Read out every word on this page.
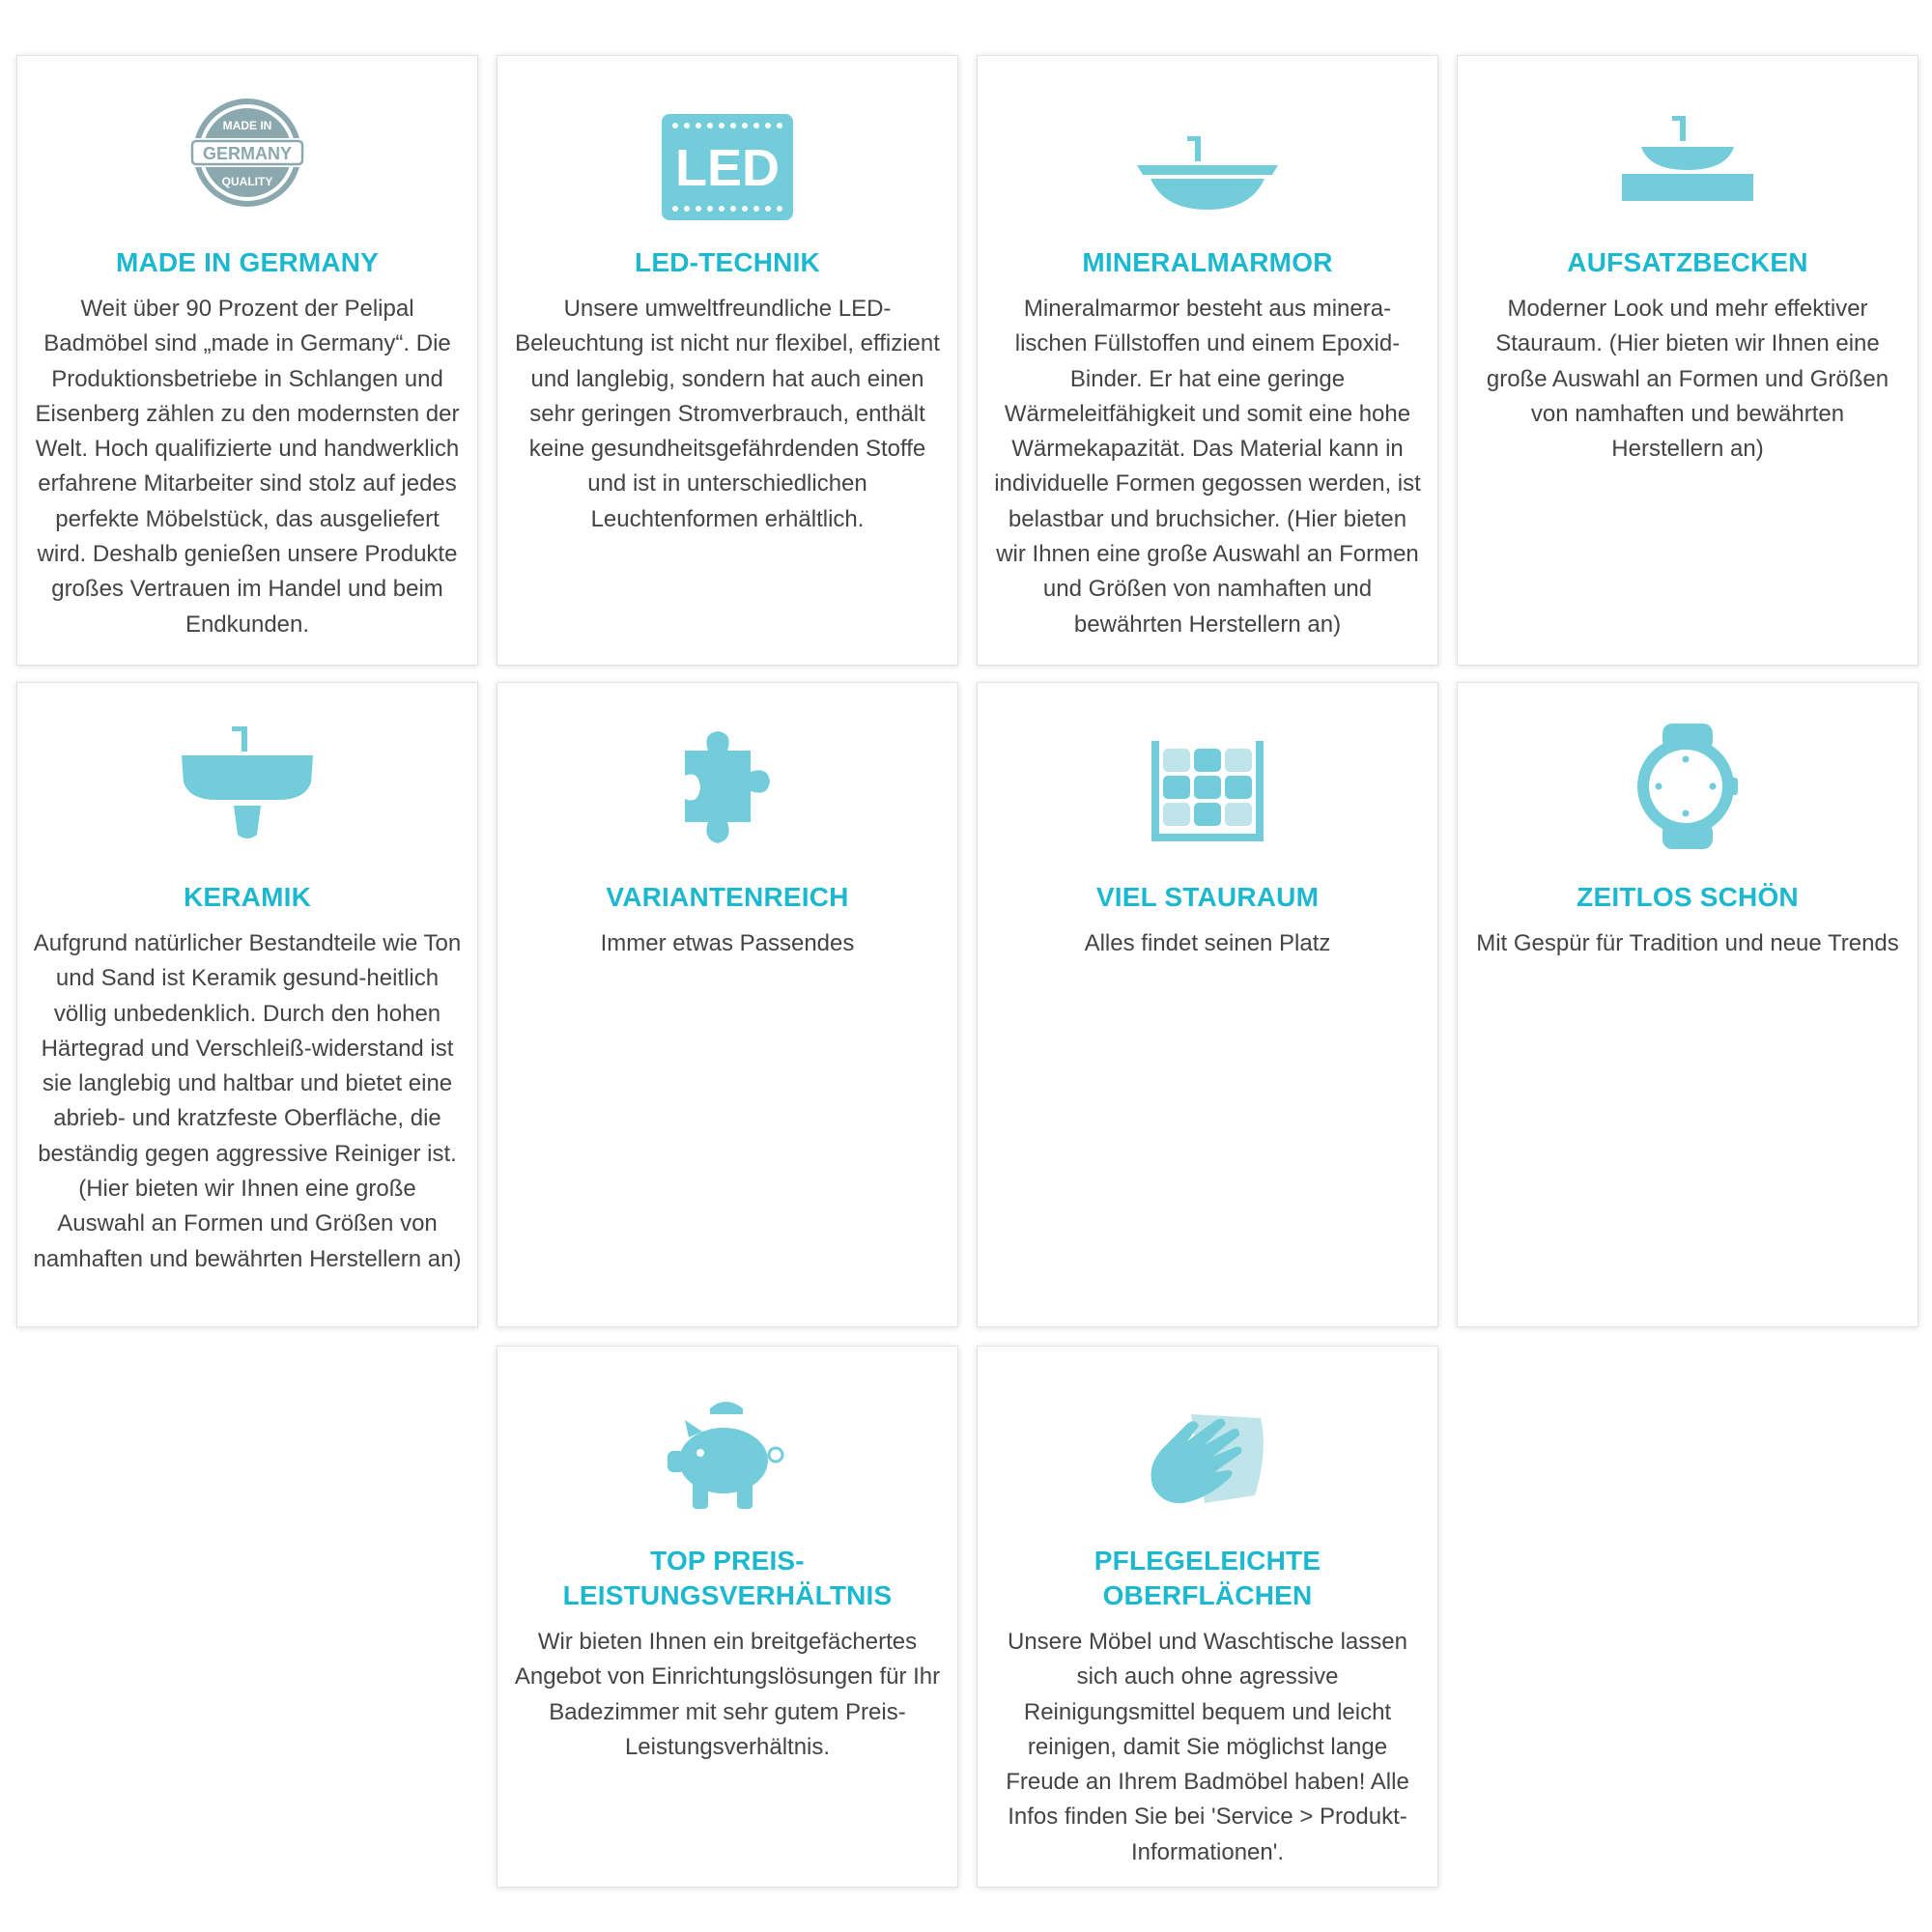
GERMANY
MADE IN
QUALITY
MADE IN GERMANY

Weit über 90 Prozent der Pelipal Badmöbel sind „made in Germany“. Die Produktionsbetriebe in Schlangen und Eisenberg zählen zu den modernsten der Welt. Hoch qualifizierte und handwerklich erfahrene Mitarbeiter sind stolz auf jedes perfekte Möbelstück, das ausgeliefert wird. Deshalb genießen unsere Produkte großes Vertrauen im Handel und beim Endkunden.

LED
LED-TECHNIK

Unsere umweltfreundliche LED-Beleuchtung ist nicht nur flexibel, effizient und langlebig, sondern hat auch einen sehr geringen Stromverbrauch, enthält keine gesundheitsgefährdenden Stoffe und ist in unterschiedlichen Leuchtenformen erhältlich.

MINERALMARMOR

Mineralmarmor besteht aus minera-lischen Füllstoffen und einem Epoxid-Binder. Er hat eine geringe Wärmeleitfähigkeit und somit eine hohe Wärmekapazität. Das Material kann in individuelle Formen gegossen werden, ist belastbar und bruchsicher. (Hier bieten wir Ihnen eine große Auswahl an Formen und Größen von namhaften und bewährten Herstellern an)

AUFSATZBECKEN

Moderner Look und mehr effektiver Stauraum. (Hier bieten wir Ihnen eine große Auswahl an Formen und Größen von namhaften und bewährten Herstellern an)

KERAMIK

Aufgrund natürlicher Bestandteile wie Ton und Sand ist Keramik gesund-heitlich völlig unbedenklich. Durch den hohen Härtegrad und Verschleiß-widerstand ist sie langlebig und haltbar und bietet eine abrieb- und kratzfeste Oberfläche, die beständig gegen aggressive Reiniger ist. (Hier bieten wir Ihnen eine große Auswahl an Formen und Größen von namhaften und bewährten Herstellern an)

VARIANTENREICH

Immer etwas Passendes

VIEL STAURAUM

Alles findet seinen Platz

ZEITLOS SCHÖN

Mit Gespür für Tradition und neue Trends

TOP PREIS-LEISTUNGSVERHÄLTNIS

Wir bieten Ihnen ein breitgefächertes Angebot von Einrichtungslösungen für Ihr Badezimmer mit sehr gutem Preis-Leistungsverhältnis.

PFLEGELEICHTE OBERFLÄCHEN

Unsere Möbel und Waschtische lassen sich auch ohne agressive Reinigungsmittel bequem und leicht reinigen, damit Sie möglichst lange Freude an Ihrem Badmöbel haben! Alle Infos finden Sie bei 'Service > Produkt-Informationen'.
